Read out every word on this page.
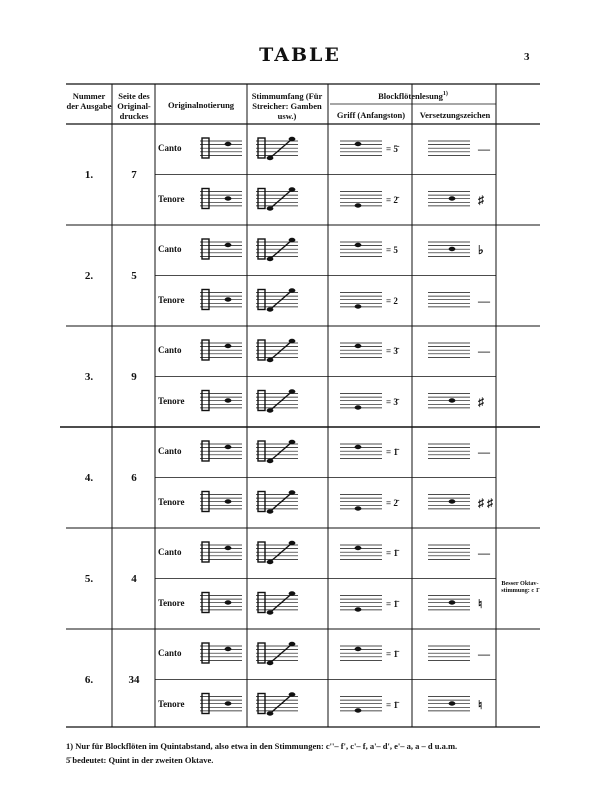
TABLE	3
Nummer der Ausgabe
Seite des Original-druckes
Originalnotierung
Stimmumfang (Für Streicher: Gamben usw.)
Blockflötenlesung$^{1)}$
Griff (Anfangston)	Versetzungszeichen
1.	7
Canto	= 5̄	—
Tenore	= 2̄	♯
2.	5
Canto	= 5	♭
Tenore	= 2	—
3.	9
Canto	= 3̄	—
Tenore	= 3̄	♯
4.	6
Canto	= 1̄	—
Tenore	= 2̄	♯ ♯
5.	4
Canto	= 1̄	—
Tenore	= 1̄	♮
6.	34
Canto	= 1̄	—
Tenore	= 1̄	♮
Besser Oktav-stimmung: c 1̄
1) Nur für Blockflöten im Quintabstand, also etwa in den Stimmungen: c''– f', c'– f, a'– d', e'– a, a – d u.a.m.
5̄ bedeutet: Quint in der zweiten Oktave.
